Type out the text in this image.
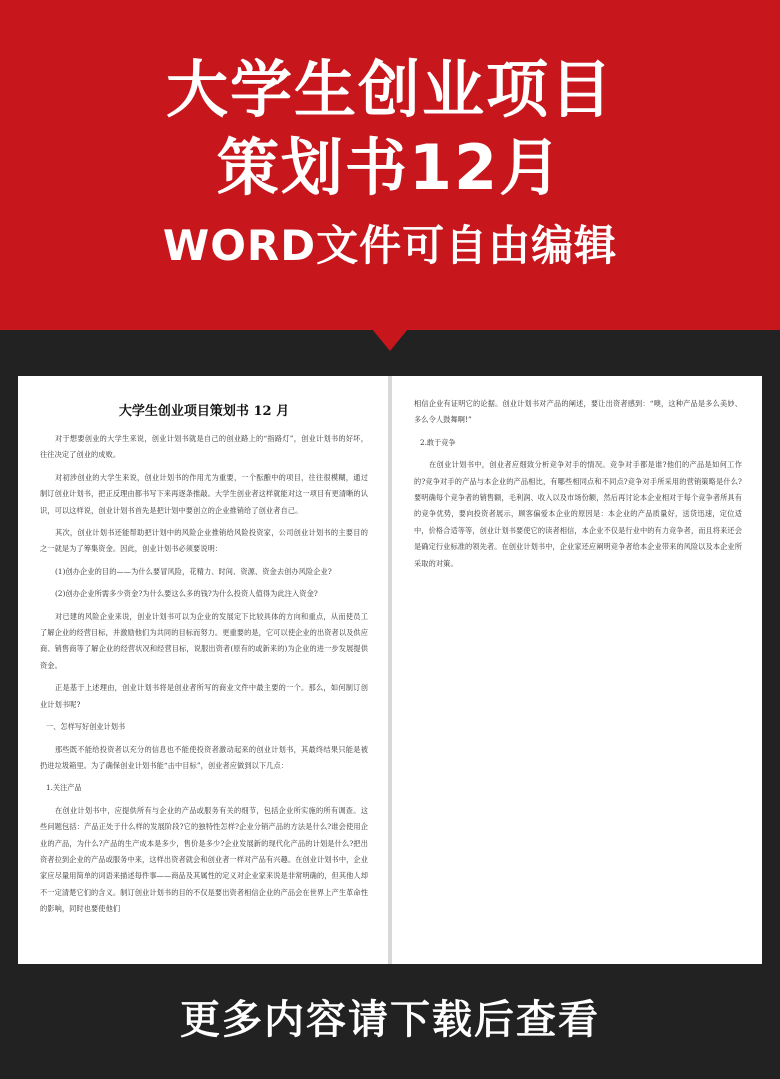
大学生创业项目
策划书12月
WORD文件可自由编辑
大学生创业项目策划书 12 月

对于想要创业的大学生来说，创业计划书就是自己的创业路上的“指路灯”，创业计划书的好坏，往往决定了创业的成败。

对初涉创业的大学生来说，创业计划书的作用尤为重要，一个酝酿中的项目，往往很模糊，通过制订创业计划书，把正反理由都书写下来再逐条推敲。大学生创业者这样就能对这一项目有更清晰的认识，可以这样说，创业计划书首先是把计划中要创立的企业推销给了创业者自己。

其次，创业计划书还能帮助把计划中的风险企业推销给风险投资家，公司创业计划书的主要目的之一就是为了筹集资金。因此，创业计划书必须要说明：

(1)创办企业的目的——为什么要冒风险，花精力、时间、资源、资金去创办风险企业?

(2)创办企业所需多少资金?为什么要这么多的钱?为什么投资人值得为此注入资金?

对已建的风险企业来说，创业计划书可以为企业的发展定下比较具体的方向和重点，从而使员工了解企业的经营目标，并激励他们为共同的目标而努力。更重要的是，它可以使企业的出资者以及供应商、销售商等了解企业的经营状况和经营目标，说服出资者(原有的或新来的)为企业的进一步发展提供资金。

正是基于上述理由，创业计划书将是创业者所写的商业文件中最主要的一个。那么，如何制订创业计划书呢?

一、怎样写好创业计划书

那些既不能给投资者以充分的信息也不能使投资者激动起来的创业计划书，其最终结果只能是被扔进垃圾箱里。为了确保创业计划书能“击中目标”，创业者应做到以下几点：

1.关注产品

在创业计划书中，应提供所有与企业的产品或服务有关的细节，包括企业所实施的所有调查。这些问题包括：产品正处于什么样的发展阶段?它的独特性怎样?企业分销产品的方法是什么?谁会使用企业的产品，为什么?产品的生产成本是多少，售价是多少?企业发展新的现代化产品的计划是什么?把出资者拉到企业的产品或服务中来，这样出资者就会和创业者一样对产品有兴趣。在创业计划书中，企业家应尽量用简单的词语来描述每件事——商品及其属性的定义对企业家来说是非常明确的，但其他人却不一定清楚它们的含义。制订创业计划书的目的不仅是要出资者相信企业的产品会在世界上产生革命性的影响，同时也要使他们

相信企业有证明它的论据。创业计划书对产品的阐述，要让出资者感到：“噢，这种产品是多么美妙、多么令人鼓舞啊!”

2.敢于竞争

在创业计划书中，创业者应细致分析竞争对手的情况。竞争对手都是谁?他们的产品是如何工作的?竞争对手的产品与本企业的产品相比，有哪些相同点和不同点?竞争对手所采用的营销策略是什么?要明确每个竞争者的销售额，毛利润、收入以及市场份额，然后再讨论本企业相对于每个竞争者所具有的竞争优势，要向投资者展示，顾客偏爱本企业的原因是：本企业的产品质量好，送货迅速，定位适中，价格合适等等，创业计划书要使它的读者相信，本企业不仅是行业中的有力竞争者，而且将来还会是确定行业标准的领先者。在创业计划书中，企业家还应阐明竞争者给本企业带来的风险以及本企业所采取的对策。

更多内容请下载后查看
